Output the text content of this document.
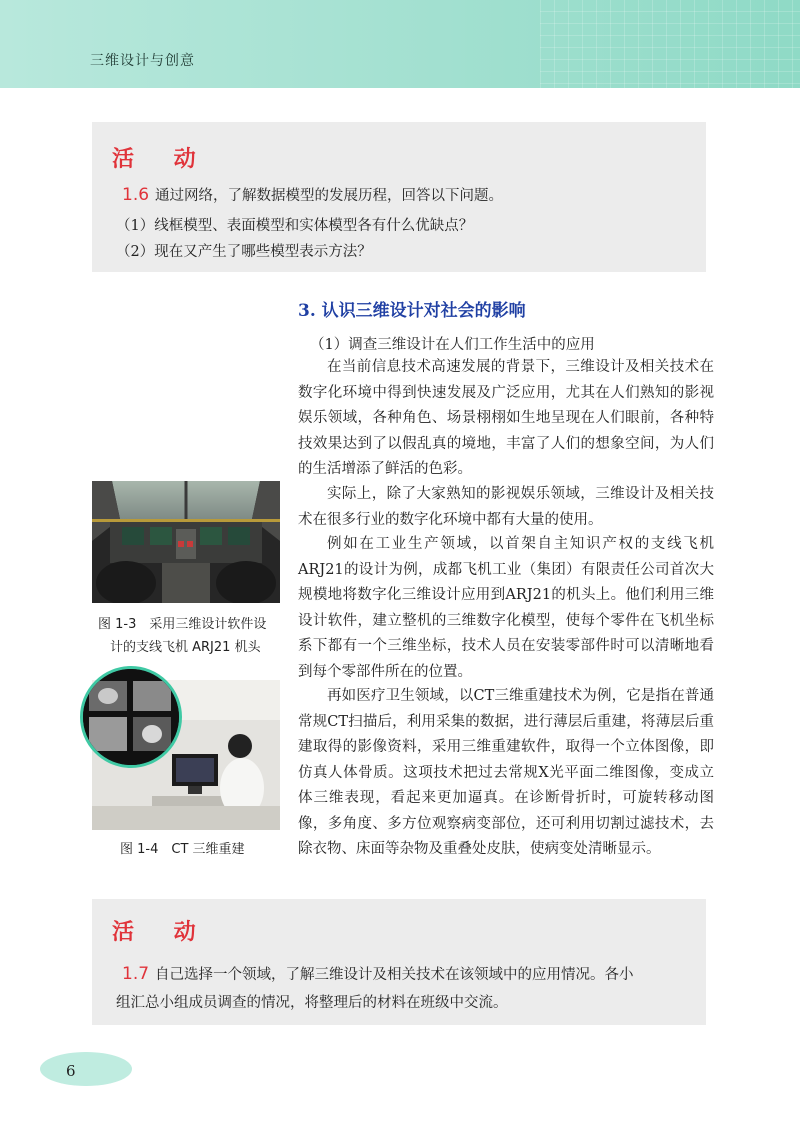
三维设计与创意
活 动
1.6 通过网络，了解数据模型的发展历程，回答以下问题。
（1）线框模型、表面模型和实体模型各有什么优缺点？
（2）现在又产生了哪些模型表示方法？
3. 认识三维设计对社会的影响
（1）调查三维设计在人们工作生活中的应用

在当前信息技术高速发展的背景下，三维设计及相关技术在数字化环境中得到快速发展及广泛应用，尤其在人们熟知的影视娱乐领域，各种角色、场景栩栩如生地呈现在人们眼前，各种特技效果达到了以假乱真的境地，丰富了人们的想象空间，为人们的生活增添了鲜活的色彩。

实际上，除了大家熟知的影视娱乐领域，三维设计及相关技术在很多行业的数字化环境中都有大量的使用。

例如在工业生产领域，以首架自主知识产权的支线飞机ARJ21的设计为例，成都飞机工业（集团）有限责任公司首次大规模地将数字化三维设计应用到ARJ21的机头上。他们利用三维设计软件，建立整机的三维数字化模型，使每个零件在飞机坐标系下都有一个三维坐标，技术人员在安装零部件时可以清晰地看到每个零部件所在的位置。

再如医疗卫生领域，以CT三维重建技术为例，它是指在普通常规CT扫描后，利用采集的数据，进行薄层后重建，将薄层后重建取得的影像资料，采用三维重建软件，取得一个立体图像，即仿真人体骨质。这项技术把过去常规X光平面二维图像，变成立体三维表现，看起来更加逼真。在诊断骨折时，可旋转移动图像，多角度、多方位观察病变部位，还可利用切割过滤技术，去除衣物、床面等杂物及重叠处皮肤，使病变处清晰显示。

图 1-3　采用三维设计软件设
计的支线飞机 ARJ21 机头
图 1-4　CT 三维重建
活 动
1.7 自己选择一个领域，了解三维设计及相关技术在该领域中的应用情况。各小
组汇总小组成员调查的情况，将整理后的材料在班级中交流。
6
